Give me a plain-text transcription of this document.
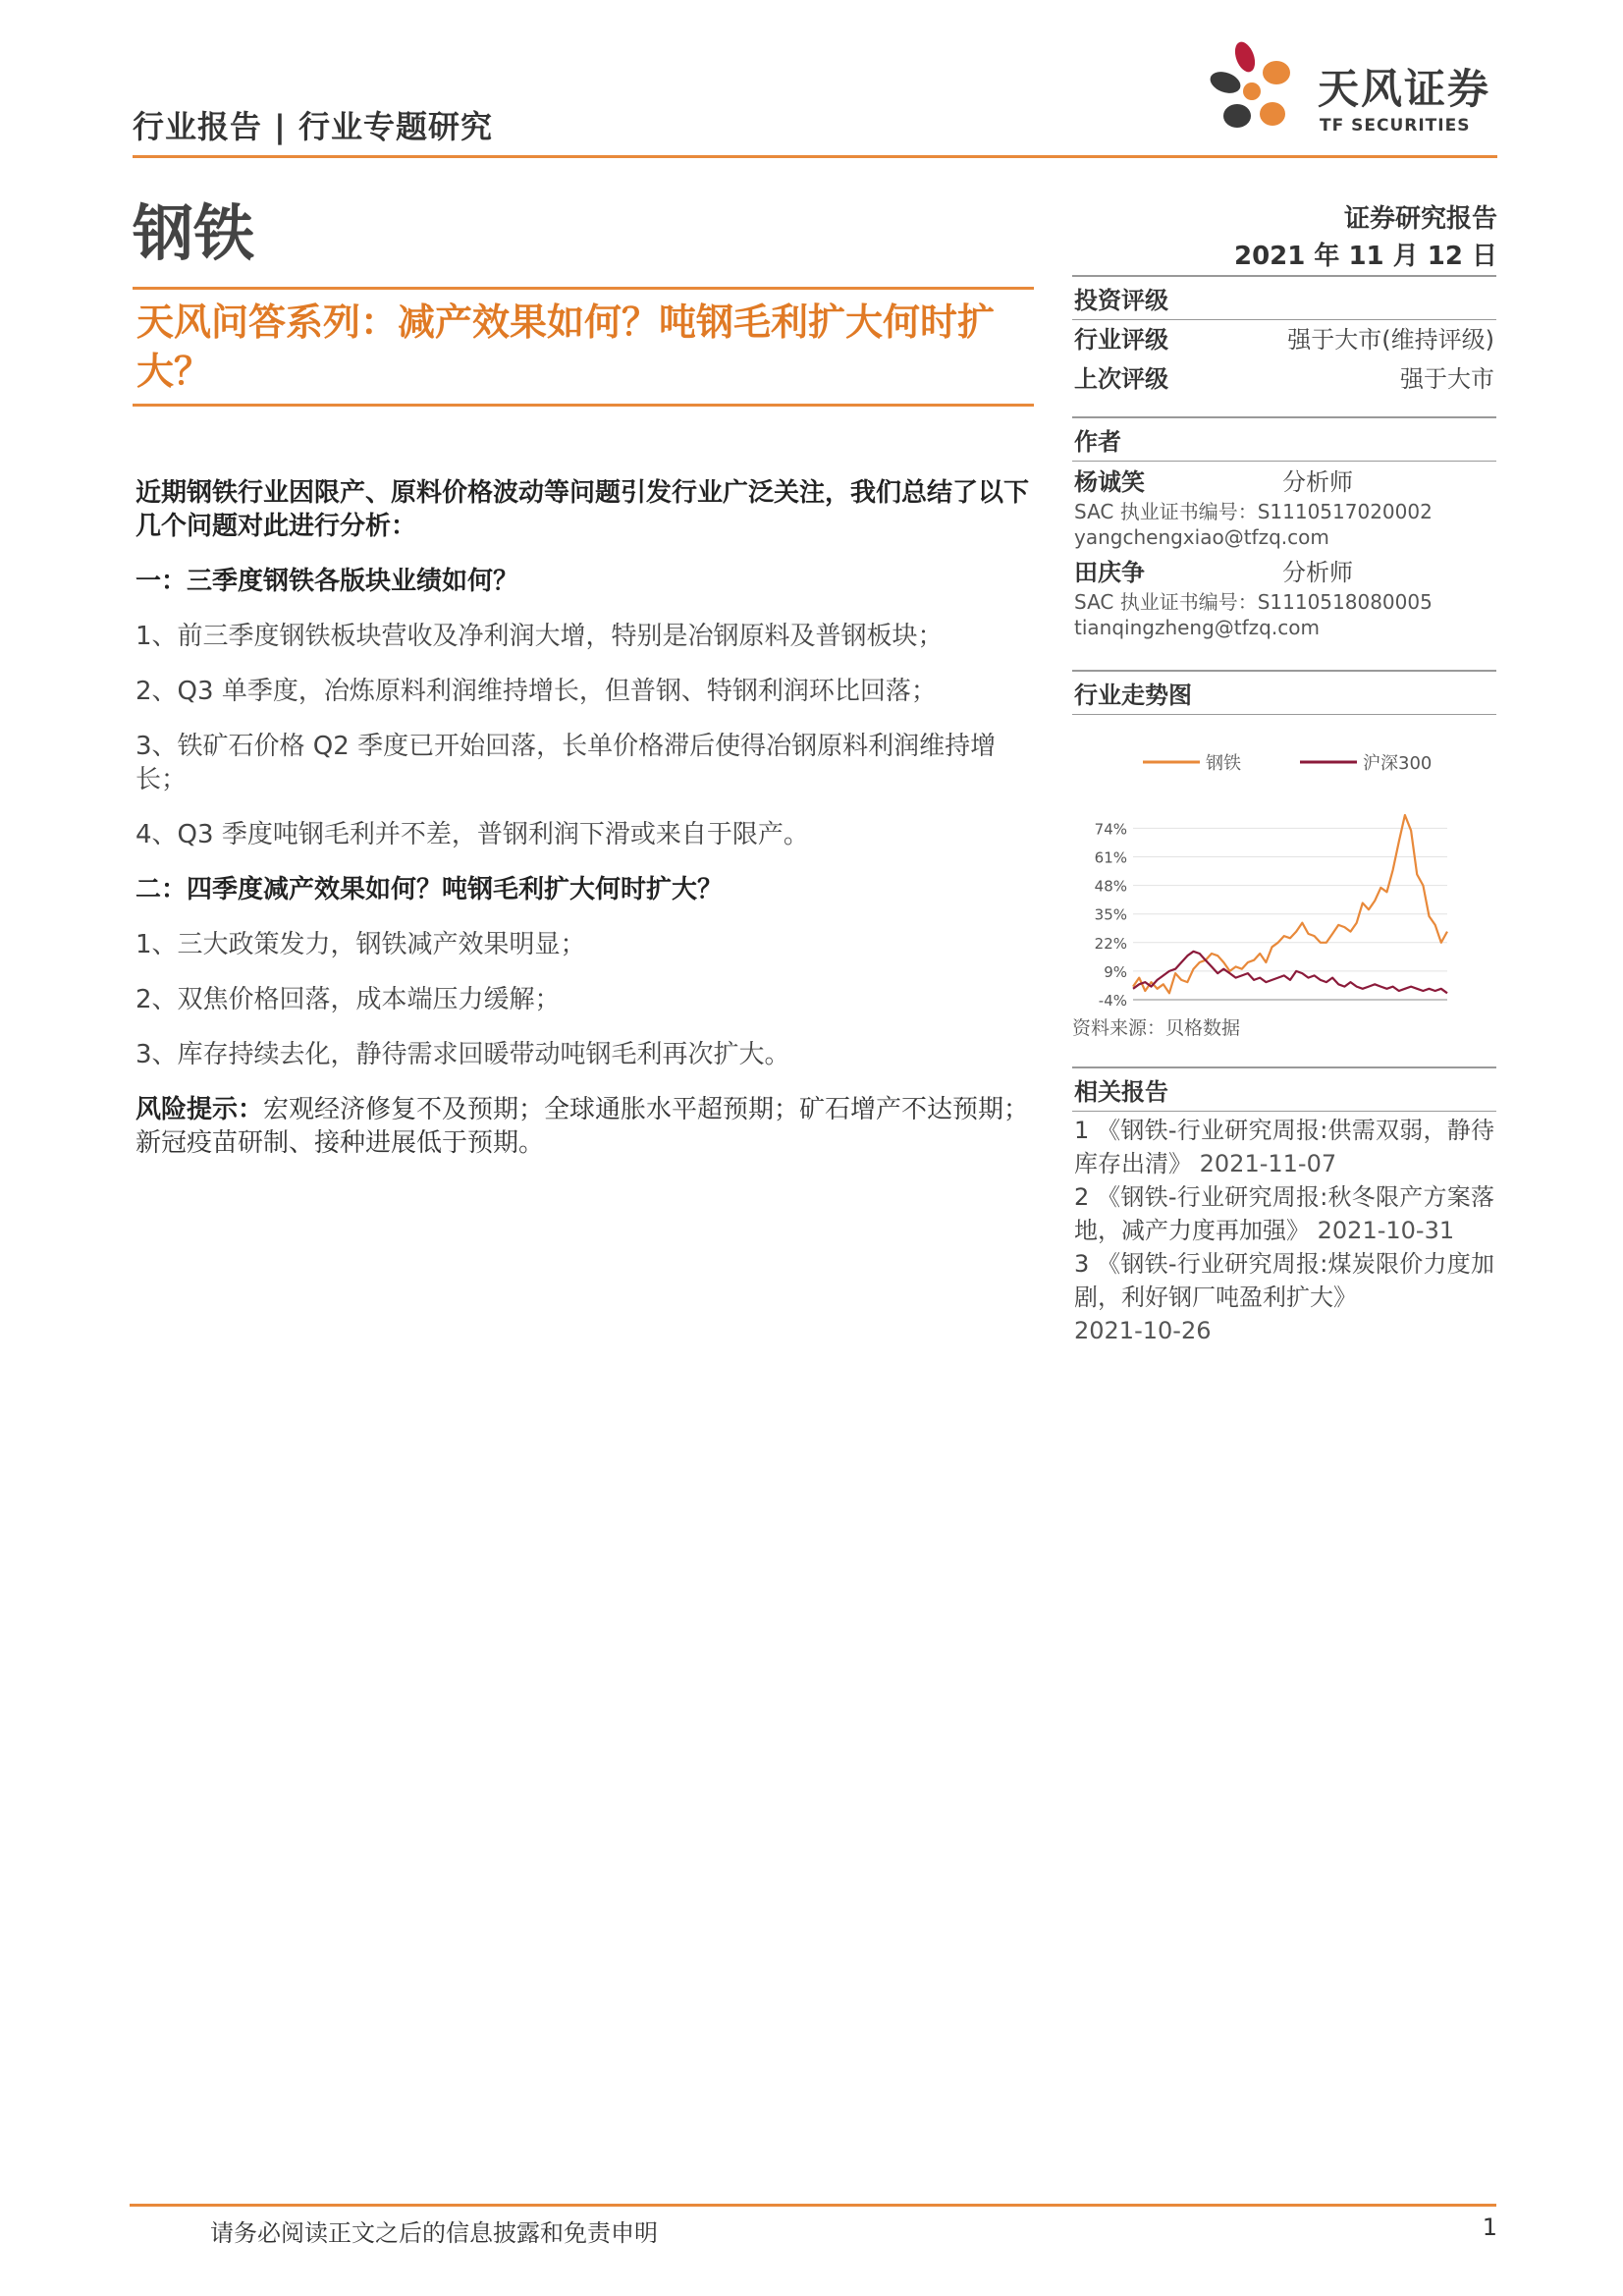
行业报告 | 行业专题研究
天风证券
TF SECURITIES
钢铁
天风问答系列：减产效果如何？吨钢毛利扩大何时扩大？

近期钢铁行业因限产、原料价格波动等问题引发行业广泛关注，我们总结了以下几个问题对此进行分析：

一：三季度钢铁各版块业绩如何？

1、前三季度钢铁板块营收及净利润大增，特别是冶钢原料及普钢板块；

2、Q3 单季度，冶炼原料利润维持增长，但普钢、特钢利润环比回落；

3、铁矿石价格 Q2 季度已开始回落，长单价格滞后使得冶钢原料利润维持增长；

4、Q3 季度吨钢毛利并不差，普钢利润下滑或来自于限产。

二：四季度减产效果如何？吨钢毛利扩大何时扩大？

1、三大政策发力，钢铁减产效果明显；

2、双焦价格回落，成本端压力缓解；

3、库存持续去化，静待需求回暖带动吨钢毛利再次扩大。

风险提示：宏观经济修复不及预期；全球通胀水平超预期；矿石增产不达预期；新冠疫苗研制、接种进展低于预期。

证券研究报告
2021 年 11 月 12 日
投资评级
行业评级	强于大市(维持评级)
上次评级	强于大市
作者
杨诚笑	分析师
SAC 执业证书编号：S1110517020002
yangchengxiao@tfzq.com
田庆争	分析师
SAC 执业证书编号：S1110518080005
tianqingzheng@tfzq.com
行业走势图
钢铁	沪深300
74%
61%
48%
35%
22%
9%
-4%
资料来源：贝格数据
相关报告
1 《钢铁-行业研究周报:供需双弱，静待库存出清》 2021-11-07
2 《钢铁-行业研究周报:秋冬限产方案落地，减产力度再加强》 2021-10-31
3 《钢铁-行业研究周报:煤炭限价力度加剧，利好钢厂吨盈利扩大》
2021-10-26
请务必阅读正文之后的信息披露和免责申明	1
